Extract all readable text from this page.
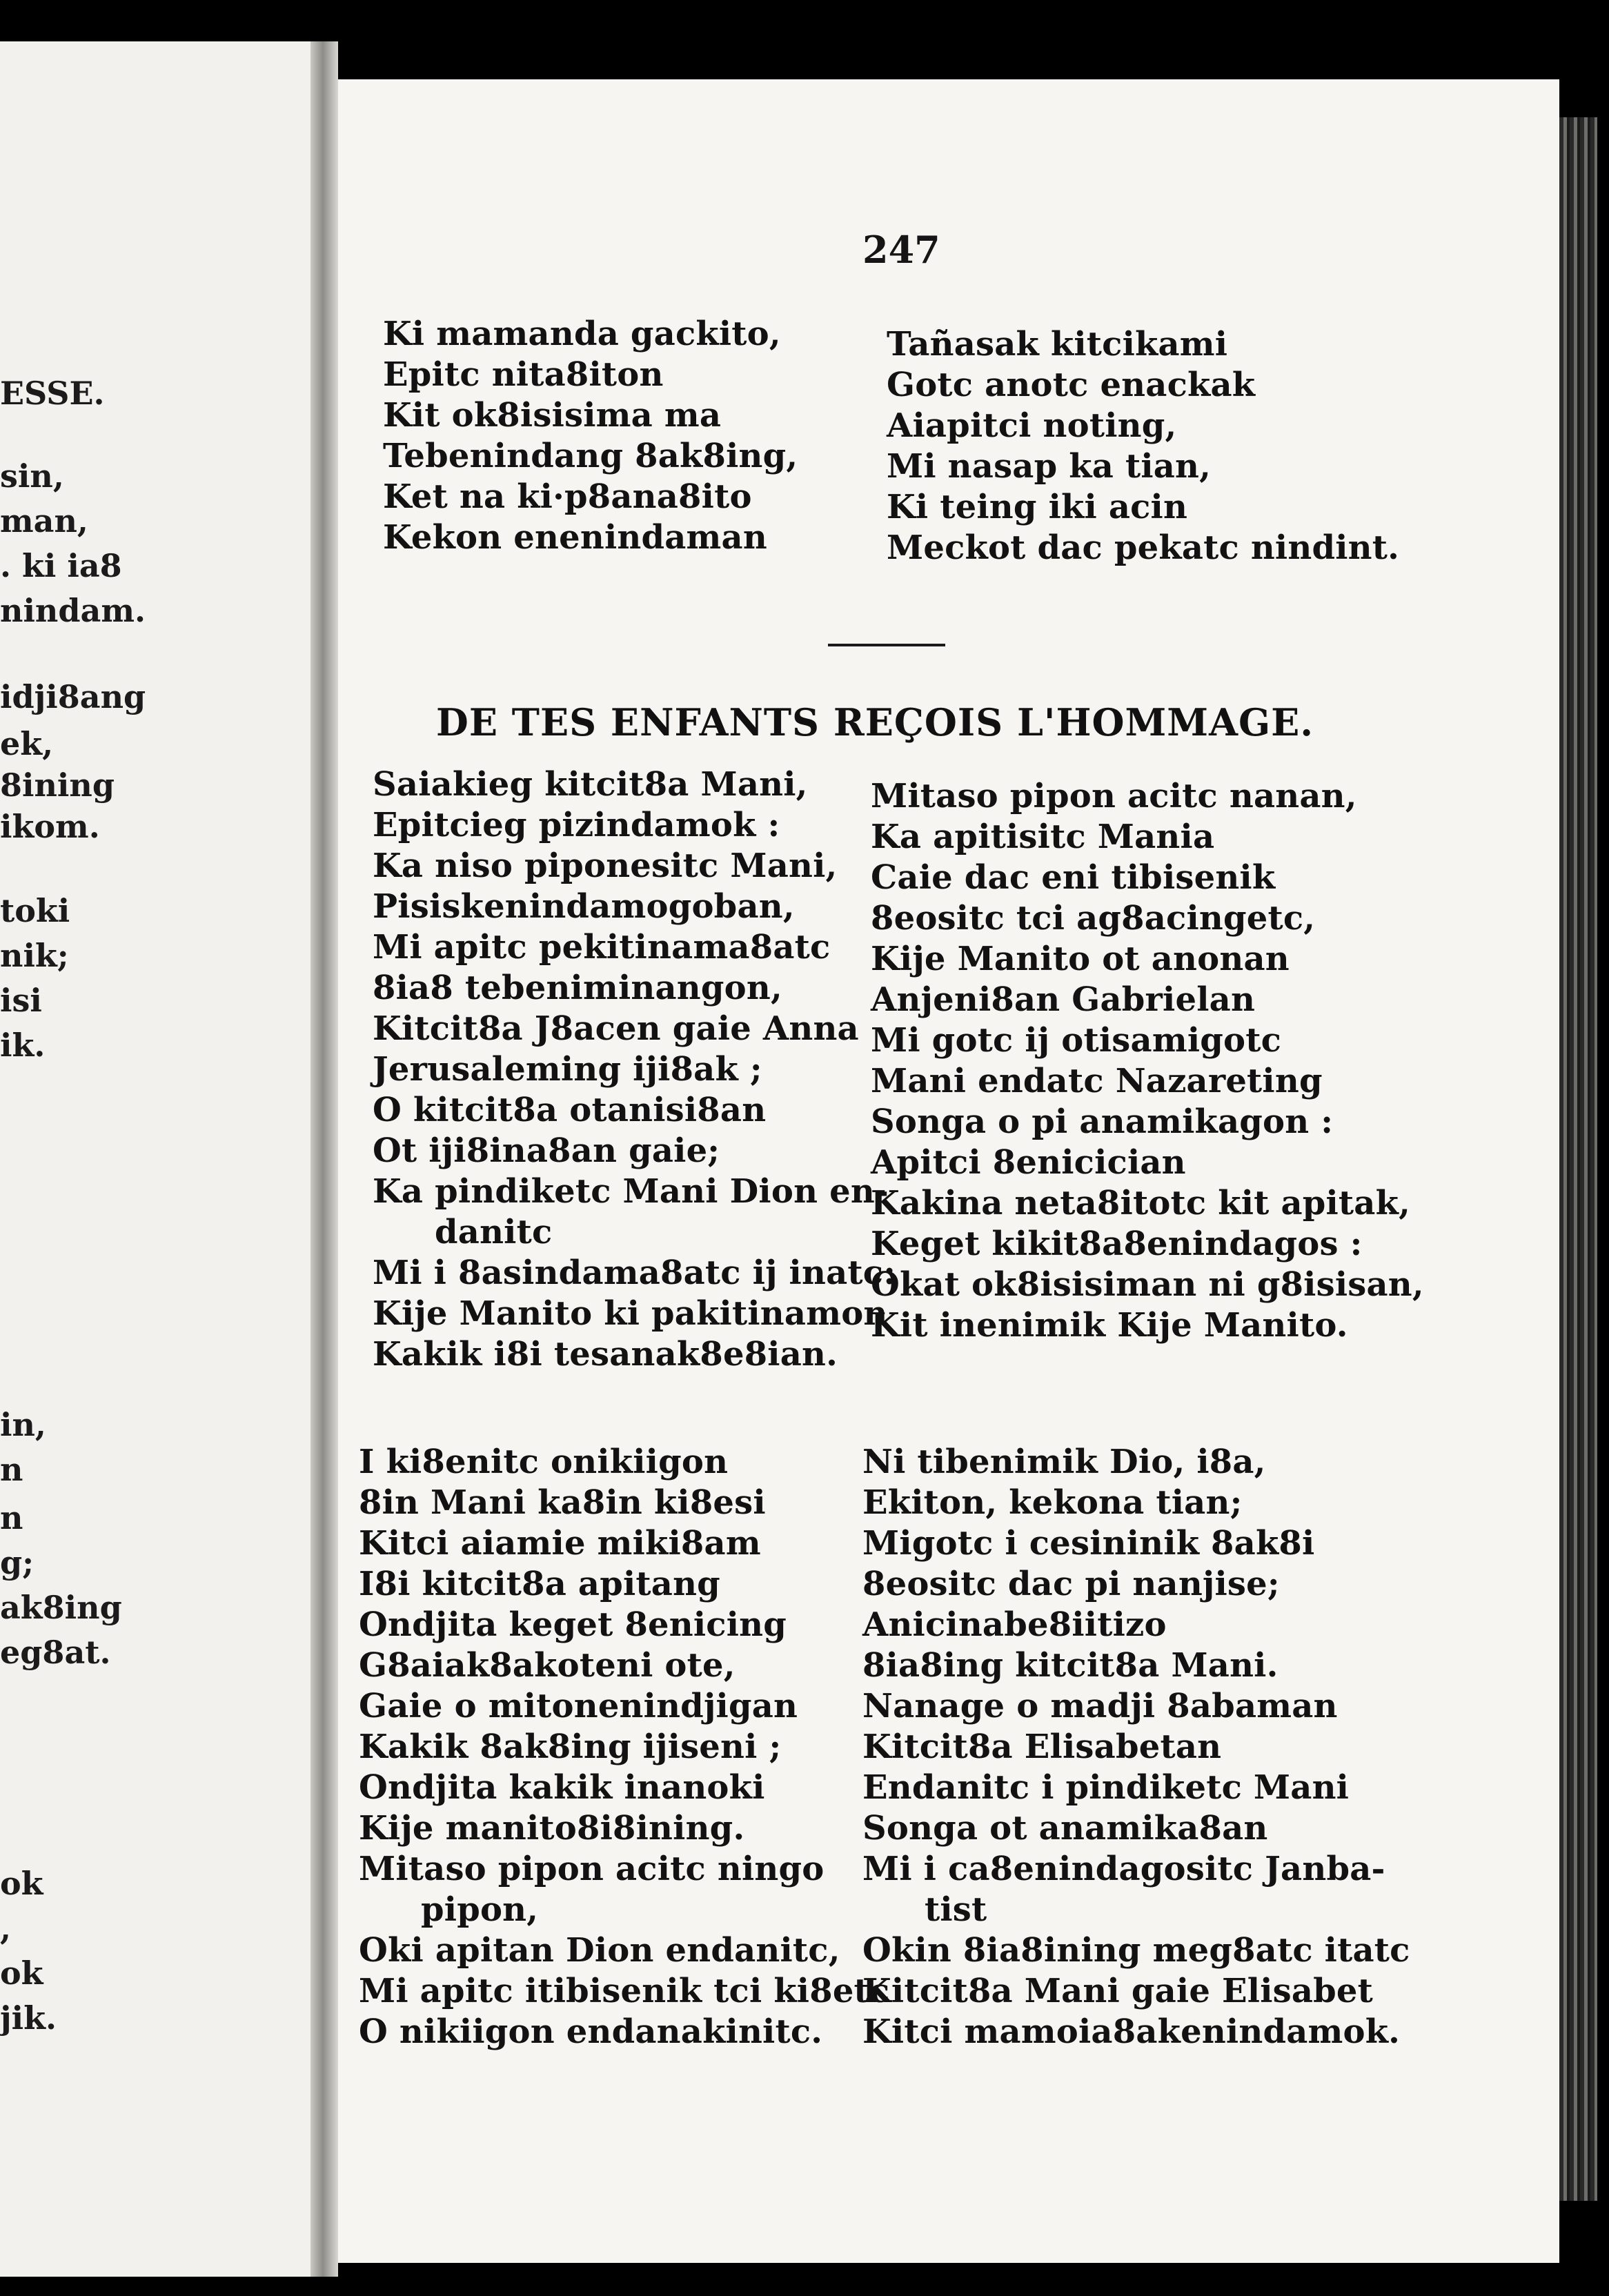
ESSE.
sin,
man,
. ki ia8
nindam.
idji8ang
ek,
8ining
ikom.
toki
nik;
isi
ik.
in,
n
n
g;
ak8ing
eg8at.
ok
,
ok
jik.
247
Ki mamanda gackito,
Epitc nita8iton
Kit ok8isisima ma
Tebenindang 8ak8ing,
Ket na ki·p8ana8ito
Kekon enenindaman
Tañasak kitcikami
Gotc anotc enackak
Aiapitci noting,
Mi nasap ka tian,
Ki teing iki acin
Meckot dac pekatc nindint.
DE TES ENFANTS REÇOIS L'HOMMAGE.
Saiakieg kitcit8a Mani,
Epitcieg pizindamok :
Ka niso piponesitc Mani,
Pisiskenindamogoban,
Mi apitc pekitinama8atc
8ia8 tebeniminangon,
Kitcit8a J8acen gaie Anna
Jerusaleming iji8ak ;
O kitcit8a otanisi8an
Ot iji8ina8an gaie;
Ka pindiketc Mani Dion en-
danitc
Mi i 8asindama8atc ij inatc:
Kije Manito ki pakitinamon
Kakik i8i tesanak8e8ian.
Mitaso pipon acitc nanan,
Ka apitisitc Mania
Caie dac eni tibisenik
8eositc tci ag8acingetc,
Kije Manito ot anonan
Anjeni8an Gabrielan
Mi gotc ij otisamigotc
Mani endatc Nazareting
Songa o pi anamikagon :
Apitci 8enicician
Kakina neta8itotc kit apitak,
Keget kikit8a8enindagos :
Okat ok8isisiman ni g8isisan,
Kit inenimik Kije Manito.
I ki8enitc onikiigon
8in Mani ka8in ki8esi
Kitci aiamie miki8am
I8i kitcit8a apitang
Ondjita keget 8enicing
G8aiak8akoteni ote,
Gaie o mitonenindjigan
Kakik 8ak8ing ijiseni ;
Ondjita kakik inanoki
Kije manito8i8ining.
Mitaso pipon acitc ningo
pipon,
Oki apitan Dion endanitc,
Mi apitc itibisenik tci ki8etc
O nikiigon endanakinitc.
Ni tibenimik Dio, i8a,
Ekiton, kekona tian;
Migotc i cesininik 8ak8i
8eositc dac pi nanjise;
Anicinabe8iitizo
8ia8ing kitcit8a Mani.
Nanage o madji 8abaman
Kitcit8a Elisabetan
Endanitc i pindiketc Mani
Songa ot anamika8an
Mi i ca8enindagositc Janba-
tist
Okin 8ia8ining meg8atc itatc
Kitcit8a Mani gaie Elisabet
Kitci mamoia8akenindamok.
